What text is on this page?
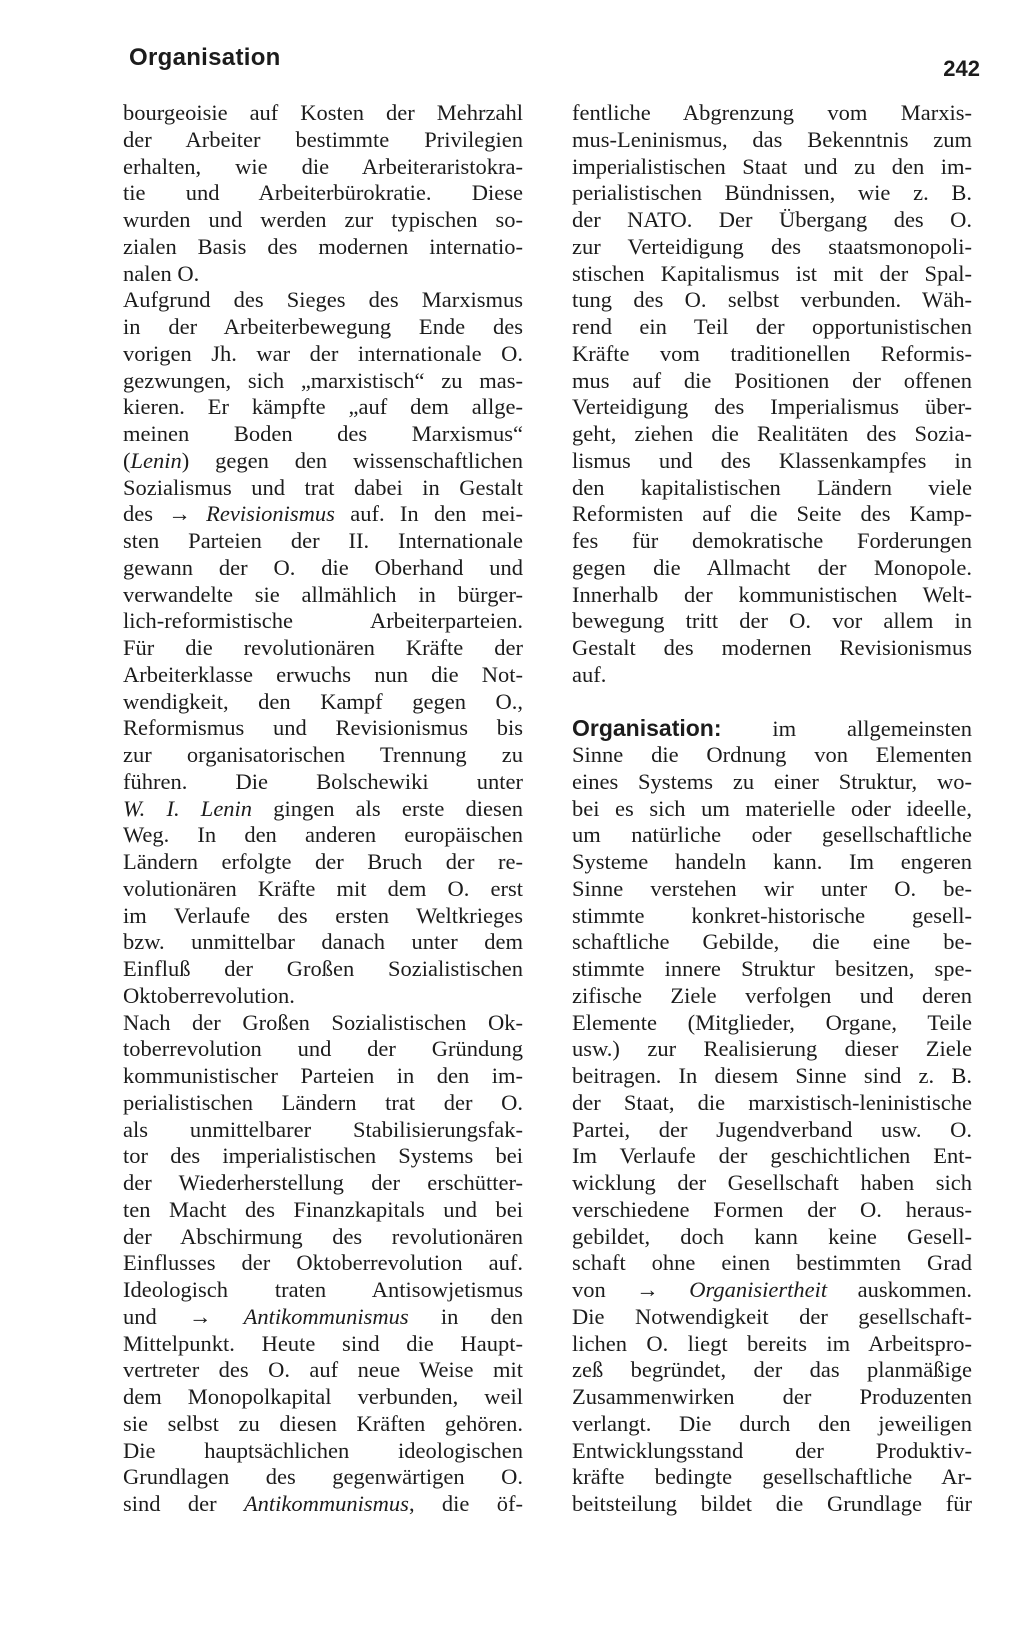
Organisation	242
bourgeoisie auf Kosten der Mehrzahl
der Arbeiter bestimmte Privilegien
erhalten, wie die Arbeiteraristokra-
tie und Arbeiterbürokratie. Diese
wurden und werden zur typischen so-
zialen Basis des modernen internatio-
nalen O.
Aufgrund des Sieges des Marxismus
in der Arbeiterbewegung Ende des
vorigen Jh. war der internationale O.
gezwungen, sich „marxistisch“ zu mas-
kieren. Er kämpfte „auf dem allge-
meinen Boden des Marxismus“
(Lenin) gegen den wissenschaftlichen
Sozialismus und trat dabei in Gestalt
des → Revisionismus auf. In den mei-
sten Parteien der II. Internationale
gewann der O. die Oberhand und
verwandelte sie allmählich in bürger-
lich-reformistische Arbeiterparteien.
Für die revolutionären Kräfte der
Arbeiterklasse erwuchs nun die Not-
wendigkeit, den Kampf gegen O.,
Reformismus und Revisionismus bis
zur organisatorischen Trennung zu
führen. Die Bolschewiki unter
W. I. Lenin gingen als erste diesen
Weg. In den anderen europäischen
Ländern erfolgte der Bruch der re-
volutionären Kräfte mit dem O. erst
im Verlaufe des ersten Weltkrieges
bzw. unmittelbar danach unter dem
Einfluß der Großen Sozialistischen
Oktoberrevolution.
Nach der Großen Sozialistischen Ok-
toberrevolution und der Gründung
kommunistischer Parteien in den im-
perialistischen Ländern trat der O.
als unmittelbarer Stabilisierungsfak-
tor des imperialistischen Systems bei
der Wiederherstellung der erschütter-
ten Macht des Finanzkapitals und bei
der Abschirmung des revolutionären
Einflusses der Oktoberrevolution auf.
Ideologisch traten Antisowjetismus
und → Antikommunismus in den
Mittelpunkt. Heute sind die Haupt-
vertreter des O. auf neue Weise mit
dem Monopolkapital verbunden, weil
sie selbst zu diesen Kräften gehören.
Die hauptsächlichen ideologischen
Grundlagen des gegenwärtigen O.
sind der Antikommunismus, die öf-
fentliche Abgrenzung vom Marxis-
mus-Leninismus, das Bekenntnis zum
imperialistischen Staat und zu den im-
perialistischen Bündnissen, wie z. B.
der NATO. Der Übergang des O.
zur Verteidigung des staatsmonopoli-
stischen Kapitalismus ist mit der Spal-
tung des O. selbst verbunden. Wäh-
rend ein Teil der opportunistischen
Kräfte vom traditionellen Reformis-
mus auf die Positionen der offenen
Verteidigung des Imperialismus über-
geht, ziehen die Realitäten des Sozia-
lismus und des Klassenkampfes in
den kapitalistischen Ländern viele
Reformisten auf die Seite des Kamp-
fes für demokratische Forderungen
gegen die Allmacht der Monopole.
Innerhalb der kommunistischen Welt-
bewegung tritt der O. vor allem in
Gestalt des modernen Revisionismus
auf.
Organisation: im allgemeinsten
Sinne die Ordnung von Elementen
eines Systems zu einer Struktur, wo-
bei es sich um materielle oder ideelle,
um natürliche oder gesellschaftliche
Systeme handeln kann. Im engeren
Sinne verstehen wir unter O. be-
stimmte konkret-historische gesell-
schaftliche Gebilde, die eine be-
stimmte innere Struktur besitzen, spe-
zifische Ziele verfolgen und deren
Elemente (Mitglieder, Organe, Teile
usw.) zur Realisierung dieser Ziele
beitragen. In diesem Sinne sind z. B.
der Staat, die marxistisch-leninistische
Partei, der Jugendverband usw. O.
Im Verlaufe der geschichtlichen Ent-
wicklung der Gesellschaft haben sich
verschiedene Formen der O. heraus-
gebildet, doch kann keine Gesell-
schaft ohne einen bestimmten Grad
von → Organisiertheit auskommen.
Die Notwendigkeit der gesellschaft-
lichen O. liegt bereits im Arbeitspro-
zeß begründet, der das planmäßige
Zusammenwirken der Produzenten
verlangt. Die durch den jeweiligen
Entwicklungsstand der Produktiv-
kräfte bedingte gesellschaftliche Ar-
beitsteilung bildet die Grundlage für
